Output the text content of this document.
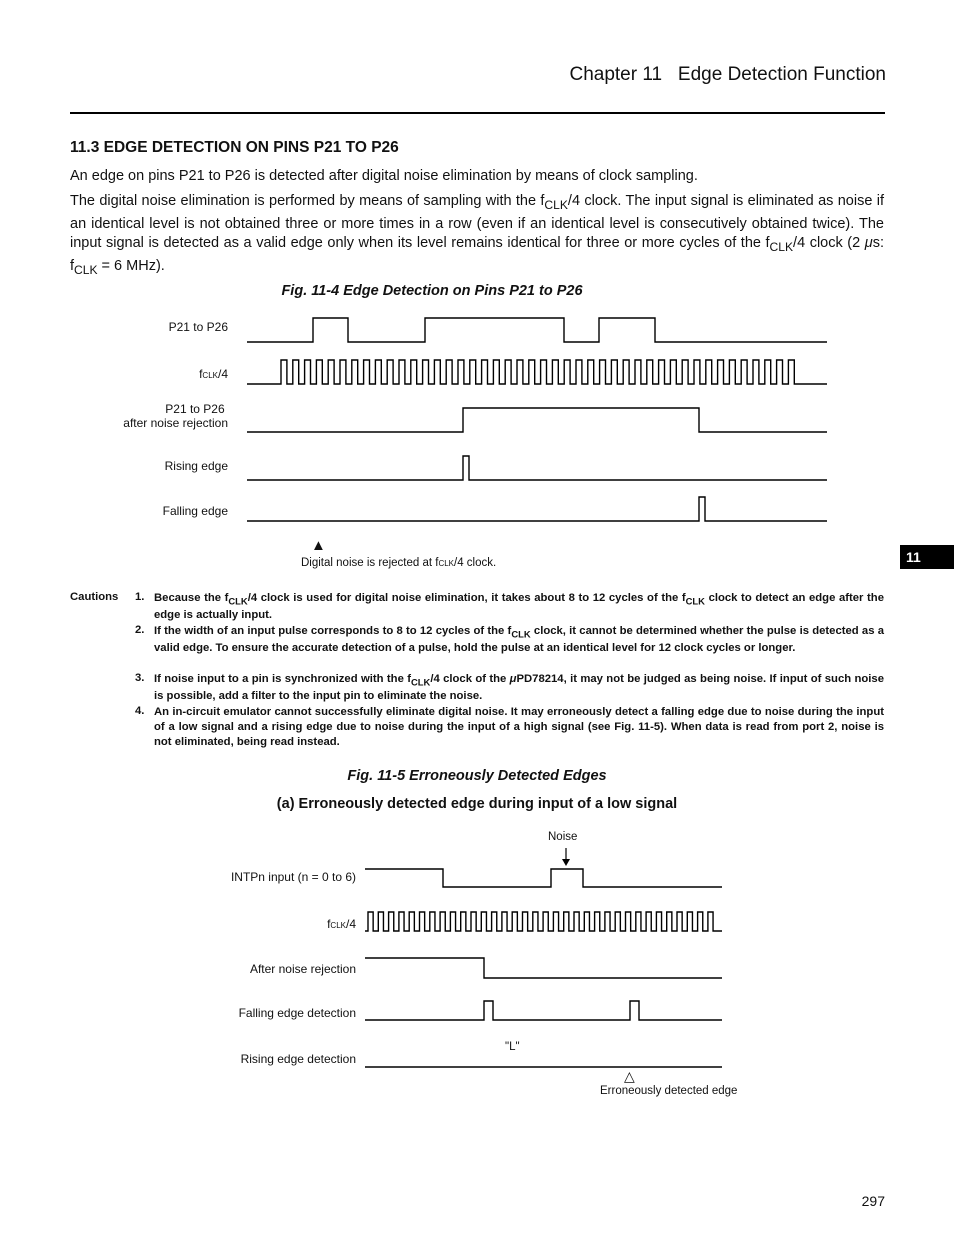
Chapter 11   Edge Detection Function
11.3 EDGE DETECTION ON PINS P21 TO P26
An edge on pins P21 to P26 is detected after digital noise elimination by means of clock sampling.
The digital noise elimination is performed by means of sampling with the $f_{CLK}/4$ clock. The input signal is eliminated as noise if an identical level is not obtained three or more times in a row (even if an identical level is consecutively obtained twice). The input signal is detected as a valid edge only when its level remains identical for three or more cycles of the $f_{CLK}/4$ clock (2 μs: $f_{CLK} = 6$ MHz).
Fig. 11-4 Edge Detection on Pins P21 to P26
P21 to P26
fCLK/4
P21 to P26
after noise rejection
Rising edge
Falling edge
▲
Digital noise is rejected at fCLK/4 clock.	11
Cautions 1. Because the $f_{CLK}/4$ clock is used for digital noise elimination, it takes about 8 to 12 cycles of the $f_{CLK}$ clock to detect an edge after the edge is actually input.
2. If the width of an input pulse corresponds to 8 to 12 cycles of the $f_{CLK}$ clock, it cannot be determined whether the pulse is detected as a valid edge. To ensure the accurate detection of a pulse, hold the pulse at an identical level for 12 clock cycles or longer.
3. If noise input to a pin is synchronized with the $f_{CLK}/4$ clock of the μPD78214, it may not be judged as being noise. If input of such noise is possible, add a filter to the input pin to eliminate the noise.
4. An in-circuit emulator cannot successfully eliminate digital noise. It may erroneously detect a falling edge due to noise during the input of a low signal and a rising edge due to noise during the input of a high signal (see Fig. 11-5). When data is read from port 2, noise is not eliminated, being read instead.
Fig. 11-5 Erroneously Detected Edges
(a) Erroneously detected edge during input of a low signal
Noise
INTPn input (n = 0 to 6)
fCLK/4
After noise rejection
Falling edge detection
Rising edge detection
"L"
△
Erroneously detected edge
297
